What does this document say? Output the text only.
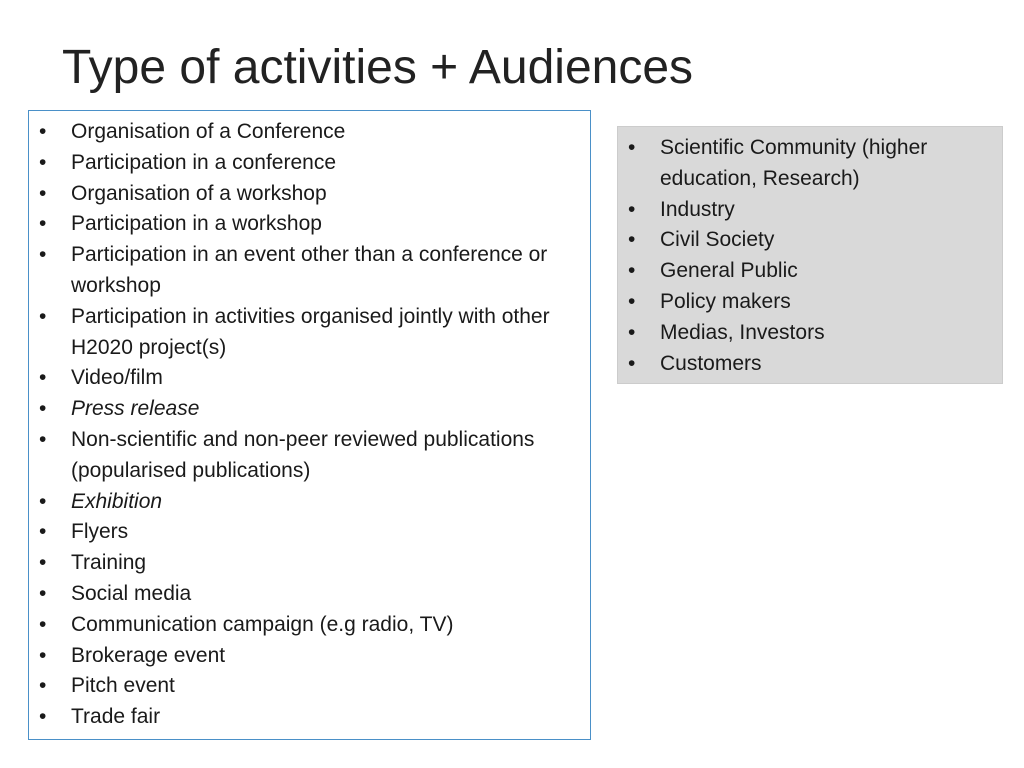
Type of activities + Audiences
• Organisation of a Conference
• Participation in a conference
• Organisation of a workshop
• Participation in a workshop
• Participation in an event other than a conference or workshop
• Participation in activities organised jointly with other H2020 project(s)
• Video/film
• Press release
• Non-scientific and non-peer reviewed publications (popularised publications)
• Exhibition
• Flyers
• Training
• Social media
• Communication campaign (e.g radio, TV)
• Brokerage event
• Pitch event
• Trade fair
• Scientific Community (higher education, Research)
• Industry
• Civil Society
• General Public
• Policy makers
• Medias, Investors
• Customers
